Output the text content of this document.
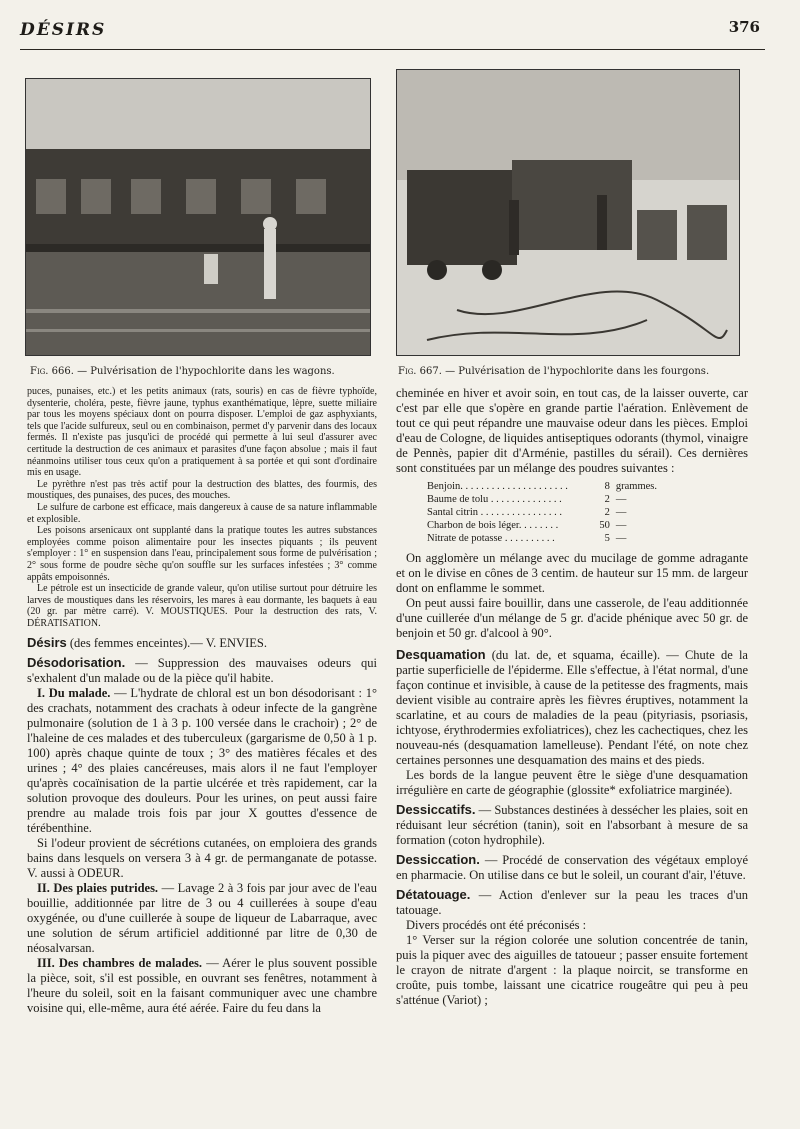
DÉSIRS	376
Fig. 666. — Pulvérisation de l'hypochlorite dans les wagons.	Fig. 667. — Pulvérisation de l'hypochlorite dans les fourgons.

puces, punaises, etc.) et les petits animaux (rats, souris) en cas de fièvre typhoïde, dysenterie, choléra, peste, fièvre jaune, typhus exanthématique, lèpre, suette miliaire par tous les moyens spéciaux dont on pourra disposer. L'emploi de gaz asphyxiants, tels que l'acide sulfureux, seul ou en combinaison, permet d'y parvenir dans des locaux fermés. Il n'existe pas jusqu'ici de procédé qui permette à lui seul d'assurer avec certitude la destruction de ces animaux et parasites d'une façon absolue ; mais il faut néanmoins utiliser tous ceux qu'on a pratiquement à sa portée et qui sont d'ordinaire mis en usage.

Le pyrèthre n'est pas très actif pour la destruction des blattes, des fourmis, des moustiques, des punaises, des puces, des mouches.

Le sulfure de carbone est efficace, mais dangereux à cause de sa nature inflammable et explosible.

Les poisons arsenicaux ont supplanté dans la pratique toutes les autres substances employées comme poison alimentaire pour les insectes piquants ; ils peuvent s'employer : 1° en suspension dans l'eau, principalement sous forme de pulvérisation ; 2° sous forme de poudre sèche qu'on souffle sur les surfaces infestées ; 3° comme appâts empoisonnés.

Le pétrole est un insecticide de grande valeur, qu'on utilise surtout pour détruire les larves de moustiques dans les réservoirs, les mares à eau dormante, les baquets à eau (20 gr. par mètre carré). V. MOUSTIQUES. Pour la destruction des rats, V. DÉRATISATION.

Désirs (des femmes enceintes).— V. ENVIES.

Désodorisation. — Suppression des mauvaises odeurs qui s'exhalent d'un malade ou de la pièce qu'il habite.

I. Du malade. — L'hydrate de chloral est un bon désodorisant : 1° des crachats, notamment des crachats à odeur infecte de la gangrène pulmonaire (solution de 1 à 3 p. 100 versée dans le crachoir) ; 2° de l'haleine de ces malades et des tuberculeux (gargarisme de 0,50 à 1 p. 100) après chaque quinte de toux ; 3° des matières fécales et des urines ; 4° des plaies cancéreuses, mais alors il ne faut l'employer qu'après cocaïnisation de la partie ulcérée et très rapidement, car la solution provoque des douleurs. Pour les urines, on peut aussi faire prendre au malade trois fois par jour X gouttes d'essence de térébenthine.

Si l'odeur provient de sécrétions cutanées, on emploiera des grands bains dans lesquels on versera 3 à 4 gr. de permanganate de potasse. V. aussi à ODEUR.

II. Des plaies putrides. — Lavage 2 à 3 fois par jour avec de l'eau bouillie, additionnée par litre de 3 ou 4 cuillerées à soupe d'eau oxygénée, ou d'une cuillerée à soupe de liqueur de Labarraque, avec une solution de sérum artificiel additionné par litre de 0,30 de néosalvarsan.

III. Des chambres de malades. — Aérer le plus souvent possible la pièce, soit, s'il est possible, en ouvrant ses fenêtres, notamment à l'heure du soleil, soit en la faisant communiquer avec une chambre voisine qui, elle-même, aura été aérée. Faire du feu dans la

cheminée en hiver et avoir soin, en tout cas, de la laisser ouverte, car c'est par elle que s'opère en grande partie l'aération. Enlèvement de tout ce qui peut répandre une mauvaise odeur dans les pièces. Emploi d'eau de Cologne, de liquides antiseptiques odorants (thymol, vinaigre de Pennès, papier dit d'Arménie, pastilles du sérail). Ces dernières sont constituées par un mélange des poudres suivantes :

Benjoin. . . . . . . . . . . . . . . . . . . . .	8	grammes.
Baume de tolu . . . . . . . . . . . . . .	2	—
Santal citrin . . . . . . . . . . . . . . . .	2	—
Charbon de bois léger. . . . . . . .	50	—
Nitrate de potasse . . . . . . . . . .	5	—

On agglomère un mélange avec du mucilage de gomme adragante et on le divise en cônes de 3 centim. de hauteur sur 15 mm. de largeur dont on enflamme le sommet.

On peut aussi faire bouillir, dans une casserole, de l'eau additionnée d'une cuillerée d'un mélange de 5 gr. d'acide phénique avec 50 gr. de benjoin et 50 gr. d'alcool à 90°.

Desquamation (du lat. de, et squama, écaille). — Chute de la partie superficielle de l'épiderme. Elle s'effectue, à l'état normal, d'une façon continue et invisible, à cause de la petitesse des fragments, mais devient visible au contraire après les fièvres éruptives, notamment la scarlatine, et au cours de maladies de la peau (pityriasis, psoriasis, ichtyose, érythrodermies exfoliatrices), chez les cachectiques, chez les nouveau-nés (desquamation lamelleuse). Pendant l'été, on note chez certaines personnes une desquamation des mains et des pieds.

Les bords de la langue peuvent être le siège d'une desquamation irrégulière en carte de géographie (glossite* exfoliatrice marginée).

Dessiccatifs. — Substances destinées à dessécher les plaies, soit en réduisant leur sécrétion (tanin), soit en l'absorbant à mesure de sa formation (coton hydrophile).

Dessiccation. — Procédé de conservation des végétaux employé en pharmacie. On utilise dans ce but le soleil, un courant d'air, l'étuve.

Détatouage. — Action d'enlever sur la peau les traces d'un tatouage.

Divers procédés ont été préconisés :

1° Verser sur la région colorée une solution concentrée de tanin, puis la piquer avec des aiguilles de tatoueur ; passer ensuite fortement le crayon de nitrate d'argent : la plaque noircit, se transforme en croûte, puis tombe, laissant une cicatrice rougeâtre qui peu à peu s'atténue (Variot) ;
